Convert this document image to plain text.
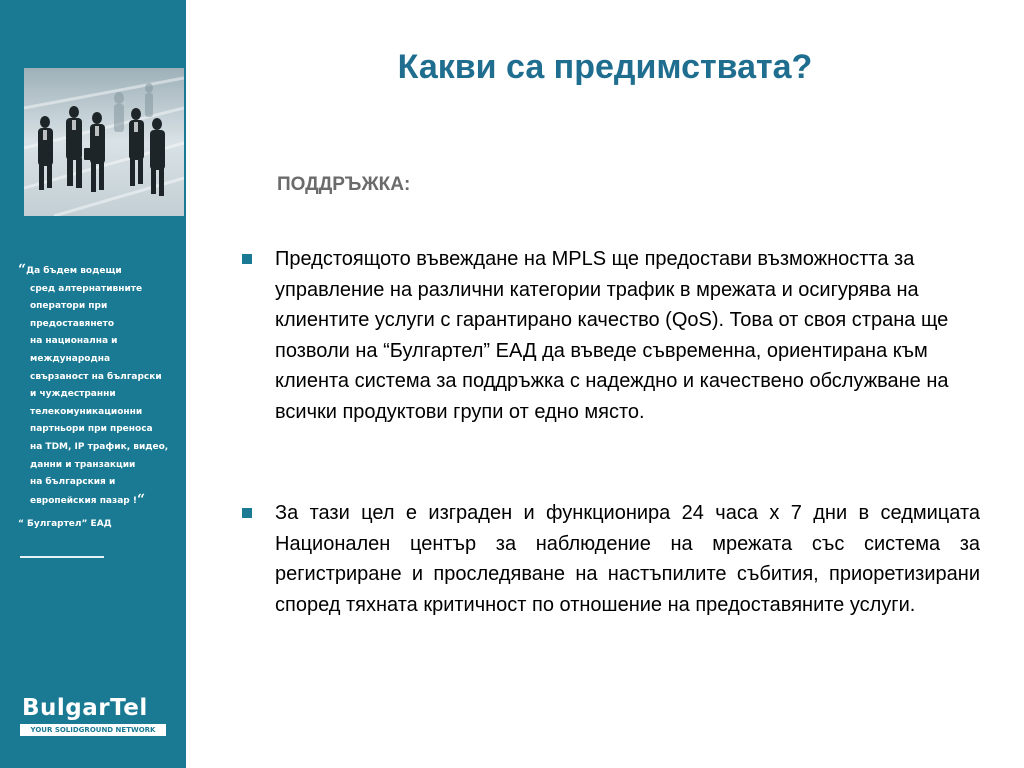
“Да бъдем водещи
сред алтернативните
оператори при
предоставянето
на национална и
международна
свързаност на български
и чуждестранни
телекомуникационни
партньори при преноса
на TDM, IP трафик, видео,
данни и транзакции
на българския и
европейския пазар !“
“ Булгартел” ЕАД
BulgarTel
YOUR SOLIDGROUND NETWORK
Какви са предимствата?
ПОДДРЪЖКА:
Предстоящото въвеждане на MPLS ще предостави възможността за управление на различни категории трафик в мрежата и осигурява на клиентите услуги с гарантирано качество (QoS). Това от своя страна ще позволи на “Булгартел” ЕАД да въведе съвременна, ориентирана към клиента система за поддръжка с надеждно и качествено обслужване на всички продуктови групи от едно място.
За тази цел е изграден и функционира 24 часа х 7 дни в седмицата Национален център за наблюдение на мрежата със система за регистриране и проследяване на настъпилите събития, приоретизирани според тяхната критичност по отношение на предоставяните услуги.
